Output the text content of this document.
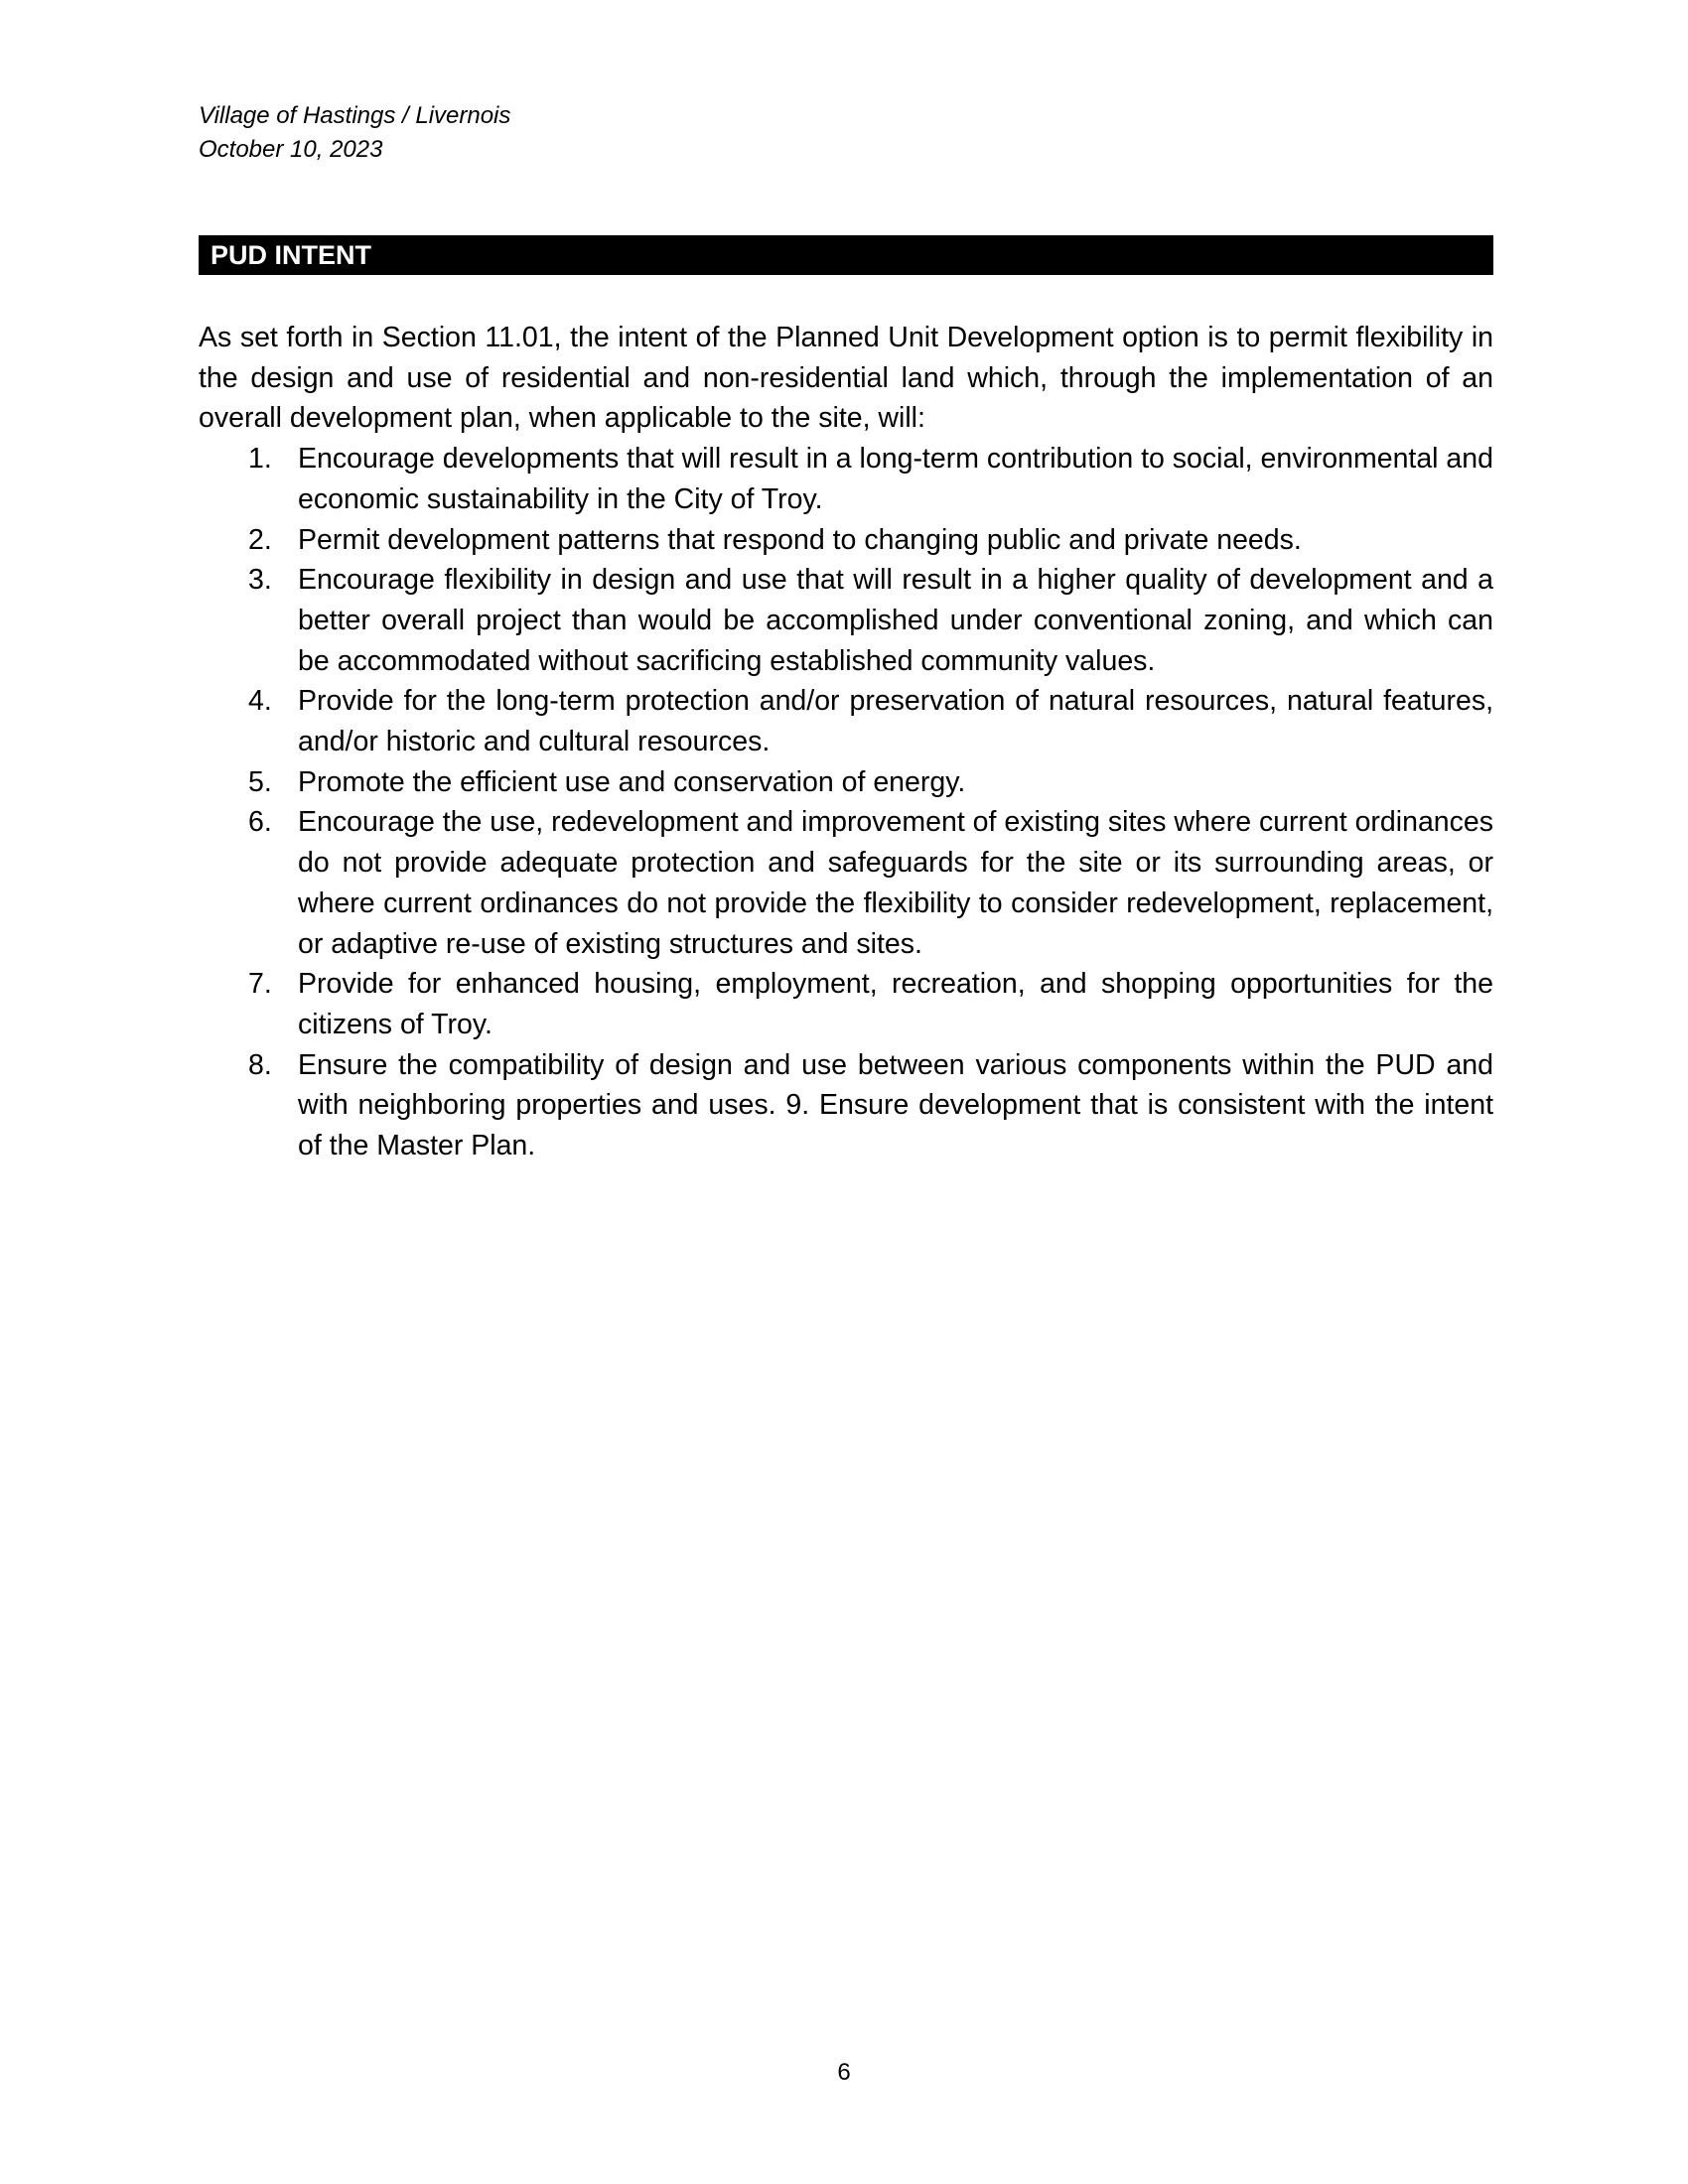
Village of Hastings / Livernois
October 10, 2023
PUD INTENT

As set forth in Section 11.01, the intent of the Planned Unit Development option is to permit flexibility in the design and use of residential and non-residential land which, through the implementation of an overall development plan, when applicable to the site, will:

1. Encourage developments that will result in a long-term contribution to social, environmental and economic sustainability in the City of Troy.
2. Permit development patterns that respond to changing public and private needs.
3. Encourage flexibility in design and use that will result in a higher quality of development and a better overall project than would be accomplished under conventional zoning, and which can be accommodated without sacrificing established community values.
4. Provide for the long-term protection and/or preservation of natural resources, natural features, and/or historic and cultural resources.
5. Promote the efficient use and conservation of energy.
6. Encourage the use, redevelopment and improvement of existing sites where current ordinances do not provide adequate protection and safeguards for the site or its surrounding areas, or where current ordinances do not provide the flexibility to consider redevelopment, replacement, or adaptive re-use of existing structures and sites.
7. Provide for enhanced housing, employment, recreation, and shopping opportunities for the citizens of Troy.
8. Ensure the compatibility of design and use between various components within the PUD and with neighboring properties and uses. 9. Ensure development that is consistent with the intent of the Master Plan.
6
